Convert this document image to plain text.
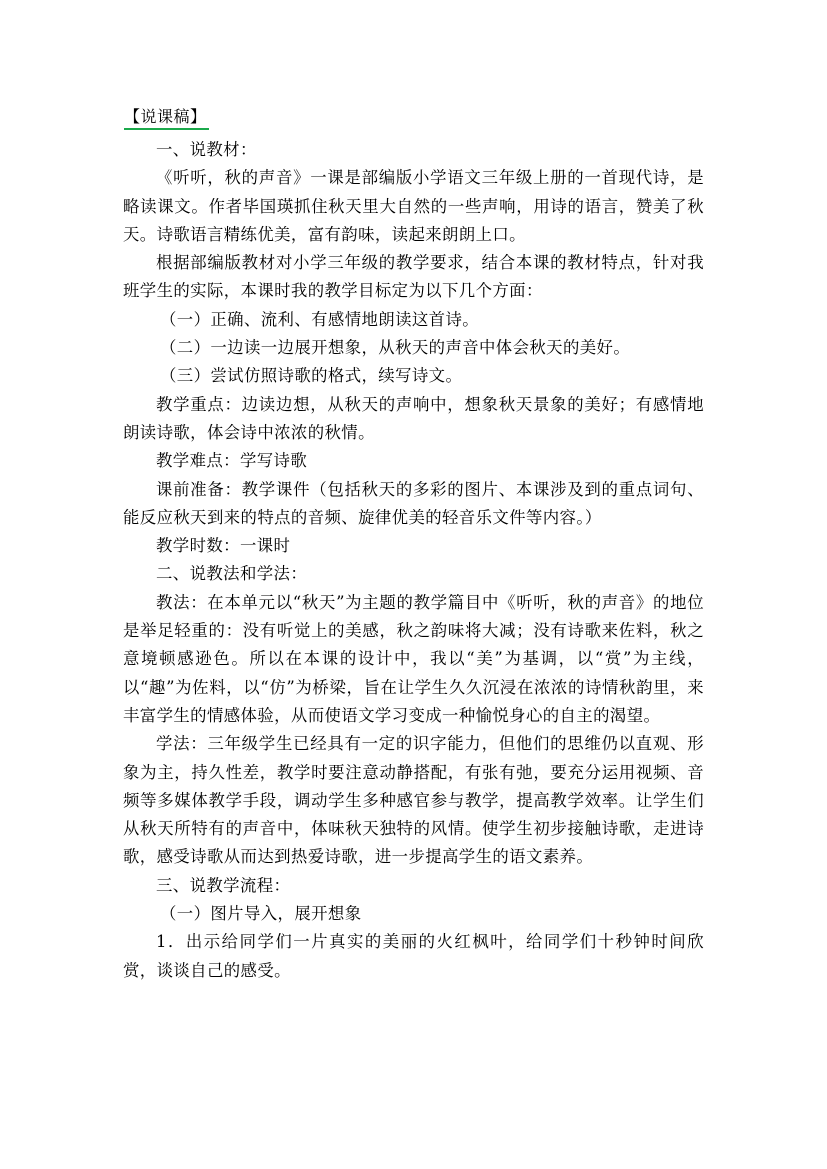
【说课稿】

一、说教材：

《听听，秋的声音》一课是部编版小学语文三年级上册的一首现代诗，是略读课文。作者毕国瑛抓住秋天里大自然的一些声响，用诗的语言，赞美了秋天。诗歌语言精练优美，富有韵味，读起来朗朗上口。

根据部编版教材对小学三年级的教学要求，结合本课的教材特点，针对我班学生的实际，本课时我的教学目标定为以下几个方面：

（一）正确、流利、有感情地朗读这首诗。

（二）一边读一边展开想象，从秋天的声音中体会秋天的美好。

（三）尝试仿照诗歌的格式，续写诗文。

教学重点：边读边想，从秋天的声响中，想象秋天景象的美好；有感情地朗读诗歌，体会诗中浓浓的秋情。

教学难点：学写诗歌

课前准备：教学课件（包括秋天的多彩的图片、本课涉及到的重点词句、能反应秋天到来的特点的音频、旋律优美的轻音乐文件等内容。）

教学时数：一课时

二、说教法和学法：

教法：在本单元以“秋天”为主题的教学篇目中《听听，秋的声音》的地位是举足轻重的：没有听觉上的美感，秋之韵味将大减；没有诗歌来佐料，秋之意境顿感逊色。所以在本课的设计中，我以“美”为基调，以“赏”为主线，以“趣”为佐料，以“仿”为桥梁，旨在让学生久久沉浸在浓浓的诗情秋韵里，来丰富学生的情感体验，从而使语文学习变成一种愉悦身心的自主的渴望。

学法：三年级学生已经具有一定的识字能力，但他们的思维仍以直观、形象为主，持久性差，教学时要注意动静搭配，有张有弛，要充分运用视频、音频等多媒体教学手段，调动学生多种感官参与教学，提高教学效率。让学生们从秋天所特有的声音中，体味秋天独特的风情。使学生初步接触诗歌，走进诗歌，感受诗歌从而达到热爱诗歌，进一步提高学生的语文素养。

三、说教学流程：

（一）图片导入，展开想象

1．出示给同学们一片真实的美丽的火红枫叶，给同学们十秒钟时间欣赏，谈谈自己的感受。
